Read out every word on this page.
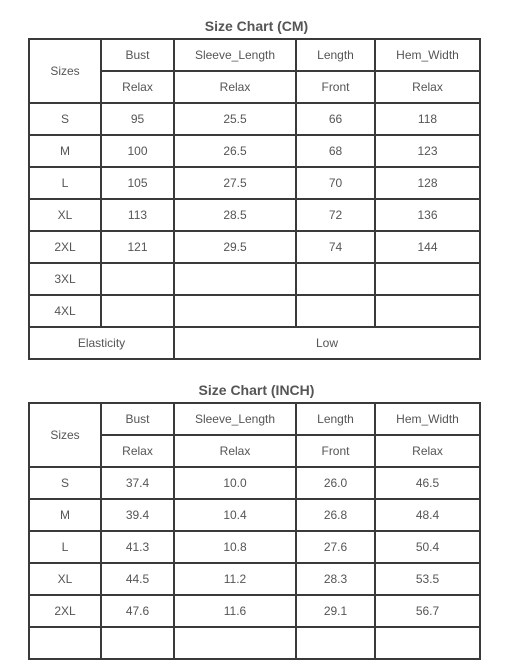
Size Chart (CM)
Sizes	Bust	Sleeve_Length	Length	Hem_Width
	Relax	Relax	Front	Relax
S	95	25.5	66	118
M	100	26.5	68	123
L	105	27.5	70	128
XL	113	28.5	72	136
2XL	121	29.5	74	144
3XL				
4XL				
Elasticity		Low		
Size Chart (INCH)
Sizes	Bust	Sleeve_Length	Length	Hem_Width
	Relax	Relax	Front	Relax
S	37.4	10.0	26.0	46.5
M	39.4	10.4	26.8	48.4
L	41.3	10.8	27.6	50.4
XL	44.5	11.2	28.3	53.5
2XL	47.6	11.6	29.1	56.7
